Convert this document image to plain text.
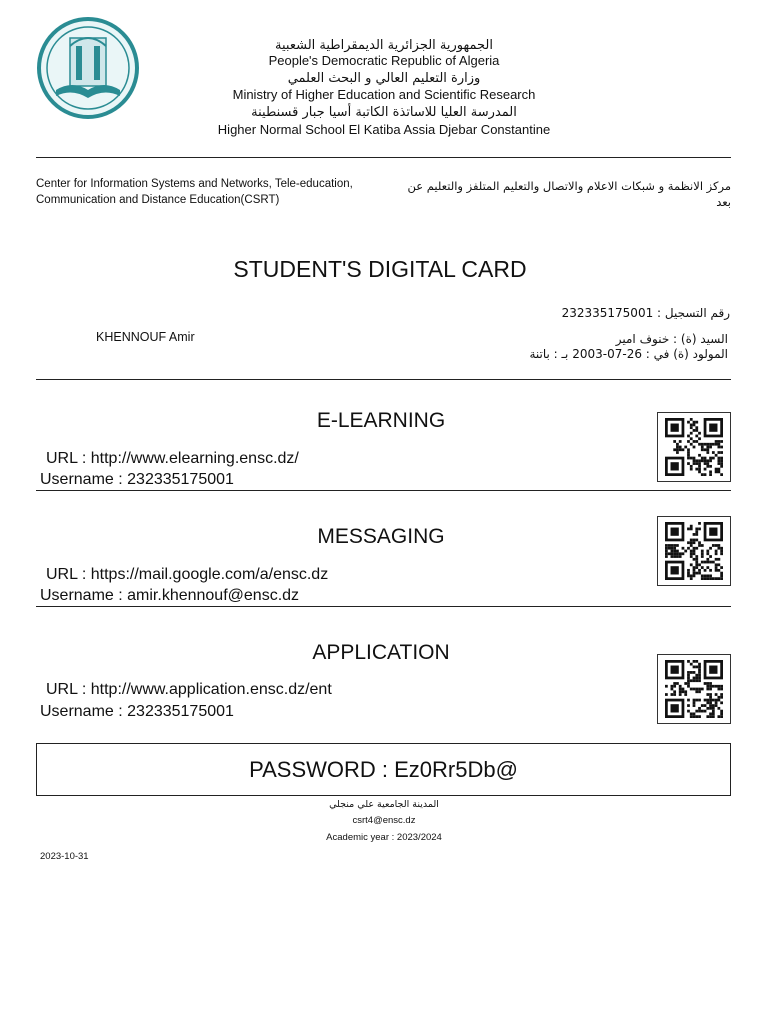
الجمهورية الجزائرية الديمقراطية الشعبية
People's Democratic Republic of Algeria
وزارة التعليم العالي و البحث العلمي
Ministry of Higher Education and Scientific Research
المدرسة العليا للاساتذة الكاتبة أسيا جبار قسنطينة
Higher Normal School El Katiba Assia Djebar Constantine
Center for Information Systems and Networks, Tele-education, Communication and Distance Education(CSRT)
مركز الانظمة و شبكات الاعلام والاتصال والتعليم المتلفز والتعليم عن بعد
STUDENT'S DIGITAL CARD
رقم التسجيل : 232335175001
KHENNOUF Amir	السيد (ة) : خنوف امير
المولود (ة) في : 26-07-2003 بـ : باتنة
E-LEARNING
URL : http://www.elearning.ensc.dz/
Username : 232335175001
MESSAGING
URL : https://mail.google.com/a/ensc.dz
Username : amir.khennouf@ensc.dz
APPLICATION
URL : http://www.application.ensc.dz/ent
Username : 232335175001
PASSWORD : Ez0Rr5Db@
المدينة الجامعية علي منجلي
csrt4@ensc.dz
Academic year : 2023/2024
2023-10-31
